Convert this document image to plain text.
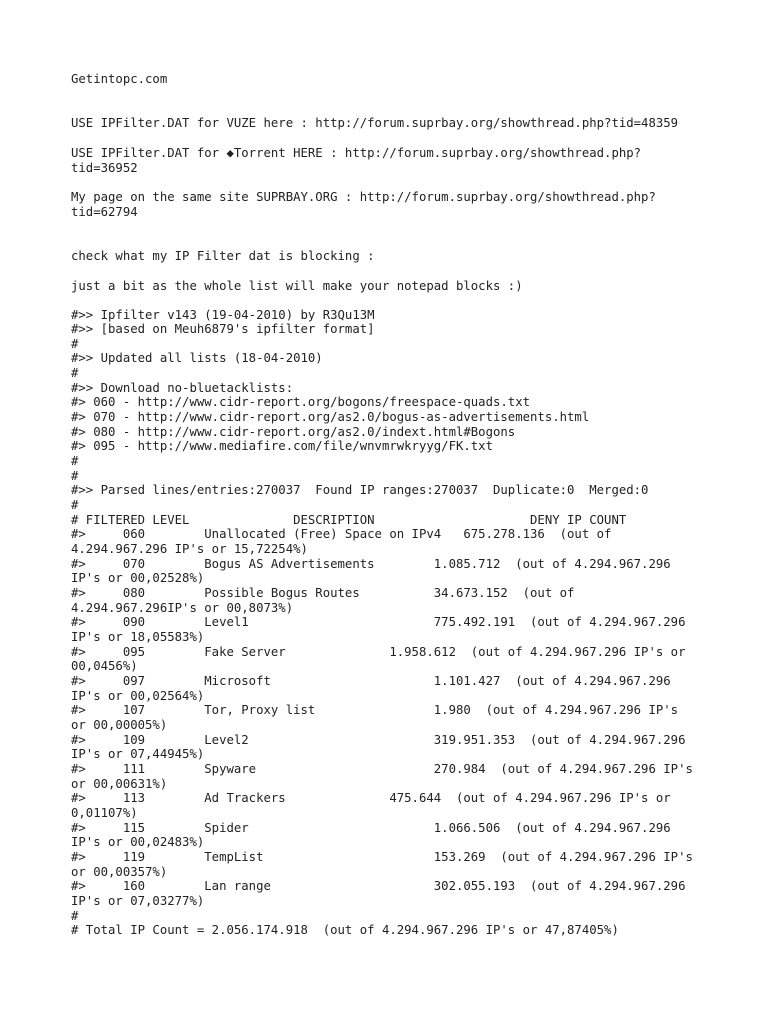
Getintopc.com

USE IPFilter.DAT for VUZE here : http://forum.suprbay.org/showthread.php?tid=48359

USE IPFilter.DAT for ◆Torrent HERE : http://forum.suprbay.org/showthread.php?

tid=36952

My page on the same site SUPRBAY.ORG : http://forum.suprbay.org/showthread.php?

tid=62794

check what my IP Filter dat is blocking :

just a bit as the whole list will make your notepad blocks :)

#>> Ipfilter v143 (19-04-2010) by R3Qu13M

#>> [based on Meuh6879's ipfilter format]

#

#>> Updated all lists (18-04-2010)

#

#>> Download no-bluetacklists:

#> 060 - http://www.cidr-report.org/bogons/freespace-quads.txt

#> 070 - http://www.cidr-report.org/as2.0/bogus-as-advertisements.html

#> 080 - http://www.cidr-report.org/as2.0/indext.html#Bogons

#> 095 - http://www.mediafire.com/file/wnvmrwkryyg/FK.txt

#

#

#>> Parsed lines/entries:270037  Found IP ranges:270037  Duplicate:0  Merged:0

#

# FILTERED LEVEL              DESCRIPTION                     DENY IP COUNT

#>     060        Unallocated (Free) Space on IPv4   675.278.136  (out of

4.294.967.296 IP's or 15,72254%)

#>     070        Bogus AS Advertisements        1.085.712  (out of 4.294.967.296

IP's or 00,02528%)

#>     080        Possible Bogus Routes          34.673.152  (out of

4.294.967.296IP's or 00,8073%)

#>     090        Level1                         775.492.191  (out of 4.294.967.296

IP's or 18,05583%)

#>     095        Fake Server              1.958.612  (out of 4.294.967.296 IP's or

00,0456%)

#>     097        Microsoft                      1.101.427  (out of 4.294.967.296

IP's or 00,02564%)

#>     107        Tor, Proxy list                1.980  (out of 4.294.967.296 IP's

or 00,00005%)

#>     109        Level2                         319.951.353  (out of 4.294.967.296

IP's or 07,44945%)

#>     111        Spyware                        270.984  (out of 4.294.967.296 IP's

or 00,00631%)

#>     113        Ad Trackers              475.644  (out of 4.294.967.296 IP's or

0,01107%)

#>     115        Spider                         1.066.506  (out of 4.294.967.296

IP's or 00,02483%)

#>     119        TempList                       153.269  (out of 4.294.967.296 IP's

or 00,00357%)

#>     160        Lan range                      302.055.193  (out of 4.294.967.296

IP's or 07,03277%)

#

# Total IP Count = 2.056.174.918  (out of 4.294.967.296 IP's or 47,87405%)
